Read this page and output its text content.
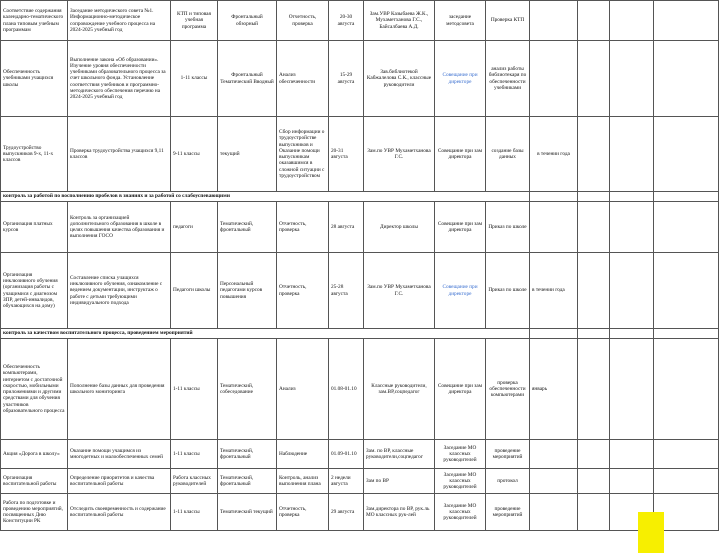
Соответствие содержания календарно-тематического плана типовым учебным программам	Заседание методического совета №1. Информационно-методическое сопровождение учебного процесса на 2024-2025 учебный год	КТП и типовая учебная программа	Фронтальный обзорный	Отчетность, проверка	20-30 августа	Зам.УВР Казыбаева Ж.К., Мухаметханова Г.С., Байсалбаева А.Д.	заседание методсовета	Проверка КТП				
Обеспеченность учебниками учащихся школы	Выполнение закона «Об образовании». Изучение уровня обеспеченности учебниками образовательного процесса за счет школьного фонда. Установление соответствия учебников и программно-методического обеспечения перечню на 2024-2025 учебный год	1-11 классы	Фронтальный Тематический Вводный	Анализ обеспеченности	15-29 августа	Зав.библиотекой Кабжалелова С.К., классные руководители	Совещание при директоре	анализ работы библиотекаря по обеспеченности учебниками				
Трудоустройство выпускников 9-х, 11-х классов	Проверка трудоустройства учащихся 9,11 классов	9-11 классы	текущий	Сбор информации о трудоустройстве выпускников и Оказание помощи выпускникам оказавшимся в сложной ситуации с трудоустройством	20-31 августа	Зам.по УВР Мухаметханова Г.С.	Совещание при зам директора	создание базы данных	в течении года			
контроль за работой по восполнению пробелов в знаниях и за работой со слабоуспевающими												
Организация платных курсов	Контроль за организацией дополнительного образования в школе в целях повышения качества образования и выполнения ГОСО	педагоги	Тематический, фронтальный	Отчетность, проверка	28 августа	Директор школы	Совещание при зам директора	Приказ по школе				
Организация инклюзивного обучения (организация работы с учащимися с диагнозом ЗПР, детей-инвалидов, обучающихся на дому)	Составление списка учащихся инклюзивного обучения, ознакомление с ведением документации, инструктаж о работе с детьми требующими индивидуального подхода	Педагоги школы	Персональный педагогами курсов повышения	Отчетность, проверка	25-28 августа	Зам.по УВР Мухаметханова Г.С.	Совещание при директоре	Приказ по школе	в течении года			
контроль за качеством воспитательного процесса, проведением мероприятий												
Обеспеченность компьютерами, интернетом с достаточной скоростью, мобильными приложениями и другими средствами для обучения участников образовательного процесса	Пополнение базы данных для проведения школьного мониторинга	1-11 классы	Тематический, собеседование	Анализ	01.08-01.10	Классные руководители, зам.ВР,соцпедагог	Совещание при зам директора	проверка обеспеченности компьютерами	январь			
Акция «Дорога в школу»	Оказание помощи учащимся из многодетных и малообеспеченных семей	1-11 классы	Тематический, фронтальный	Наблюдение	01.09-01.10	Зам. по ВР, классные руководители,соцпедагог	Заседание МО классных руководителей	проведение мероприятий				
Организация воспитательной работы	Определение приоритетов и качества воспитательной работы	Работа классных руководителей	Тематический, фронтальный	Контроль, анализ выполнения плана	2 недели августа	Зам по ВР	Заседание МО классных руководителей	протокол				
Работа по подготовке и проведению мероприятий, посвященных Дню Конституции РК	Отследить своевременность и содержание воспитательной работы	1-11 классы	Тематический текущий	Отчетность, проверка	29 августа	Зам.директора по ВР, рук.ль МО классных рук-лей	Заседание МО классных руководителей	проведение мероприятий				
